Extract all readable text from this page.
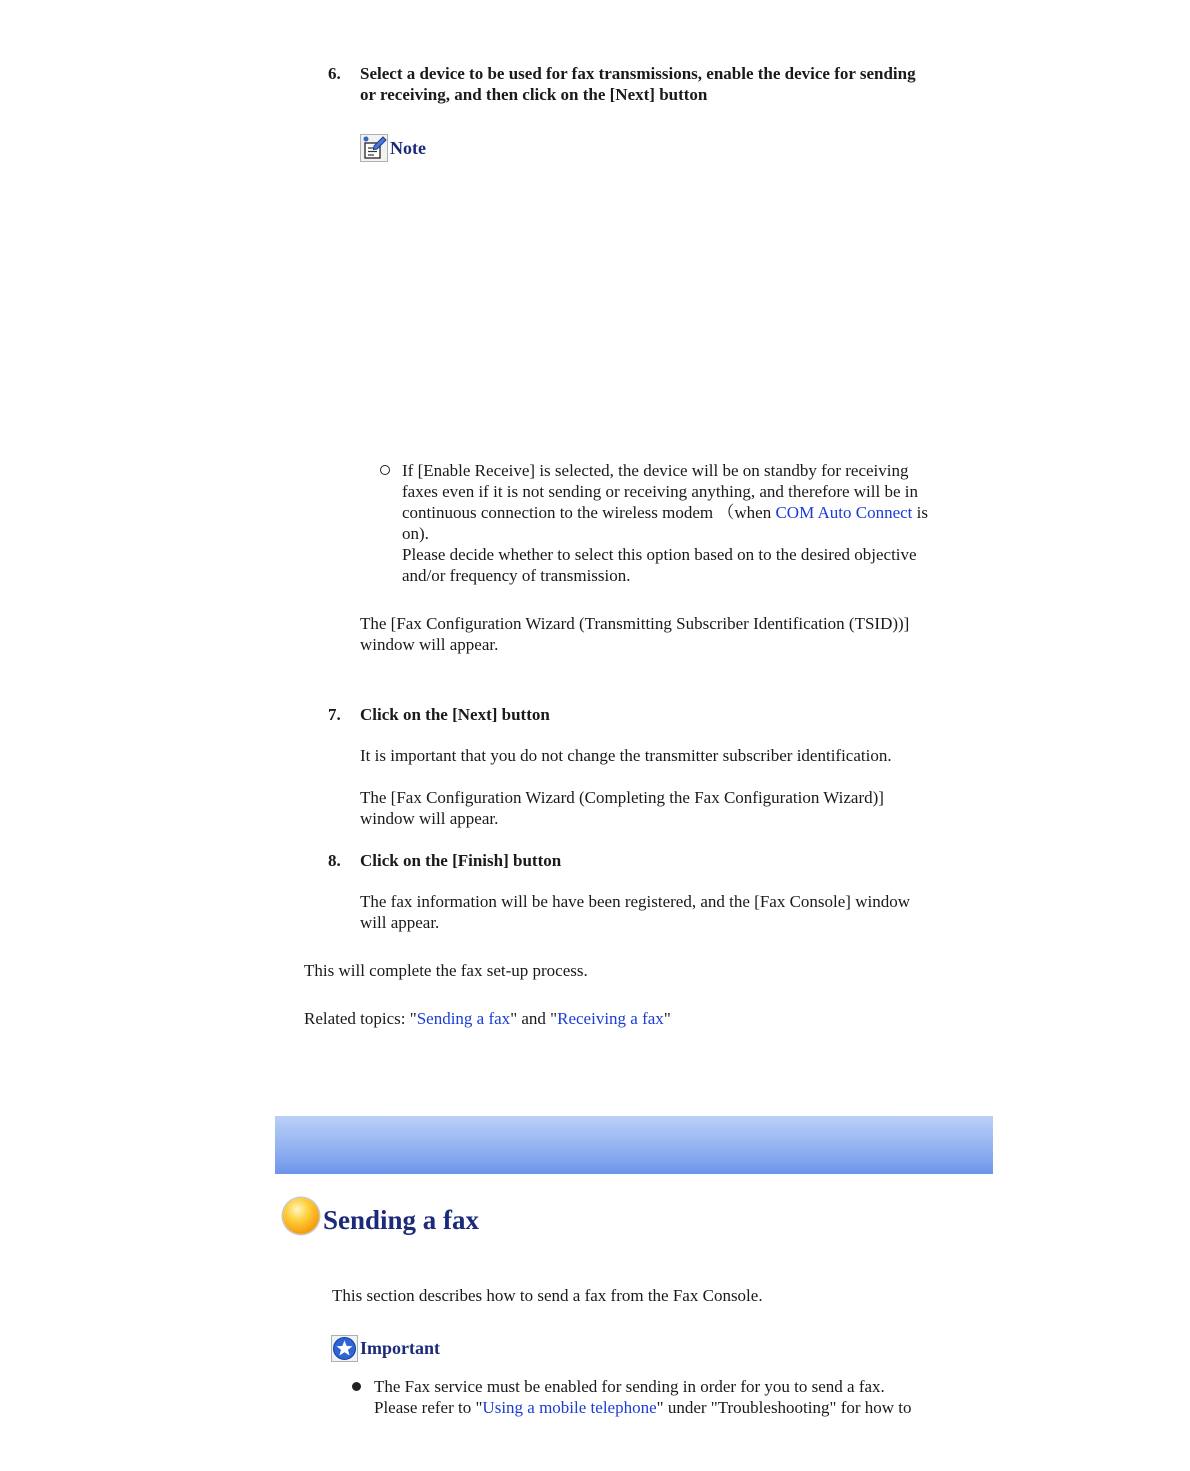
6. Select a device to be used for fax transmissions, enable the device for sending
or receiving, and then click on the [Next] button
Note
If [Enable Receive] is selected, the device will be on standby for receiving
faxes even if it is not sending or receiving anything, and therefore will be in
continuous connection to the wireless modem （when COM Auto Connect is
on).
Please decide whether to select this option based on to the desired objective
and/or frequency of transmission.
The [Fax Configuration Wizard (Transmitting Subscriber Identification (TSID))]
window will appear.
7. Click on the [Next] button
It is important that you do not change the transmitter subscriber identification.
The [Fax Configuration Wizard (Completing the Fax Configuration Wizard)]
window will appear.
8. Click on the [Finish] button
The fax information will be have been registered, and the [Fax Console] window
will appear.
This will complete the fax set-up process.
Related topics: "Sending a fax" and "Receiving a fax"
Sending a fax
This section describes how to send a fax from the Fax Console.
Important
The Fax service must be enabled for sending in order for you to send a fax.
Please refer to "Using a mobile telephone" under "Troubleshooting" for how to
